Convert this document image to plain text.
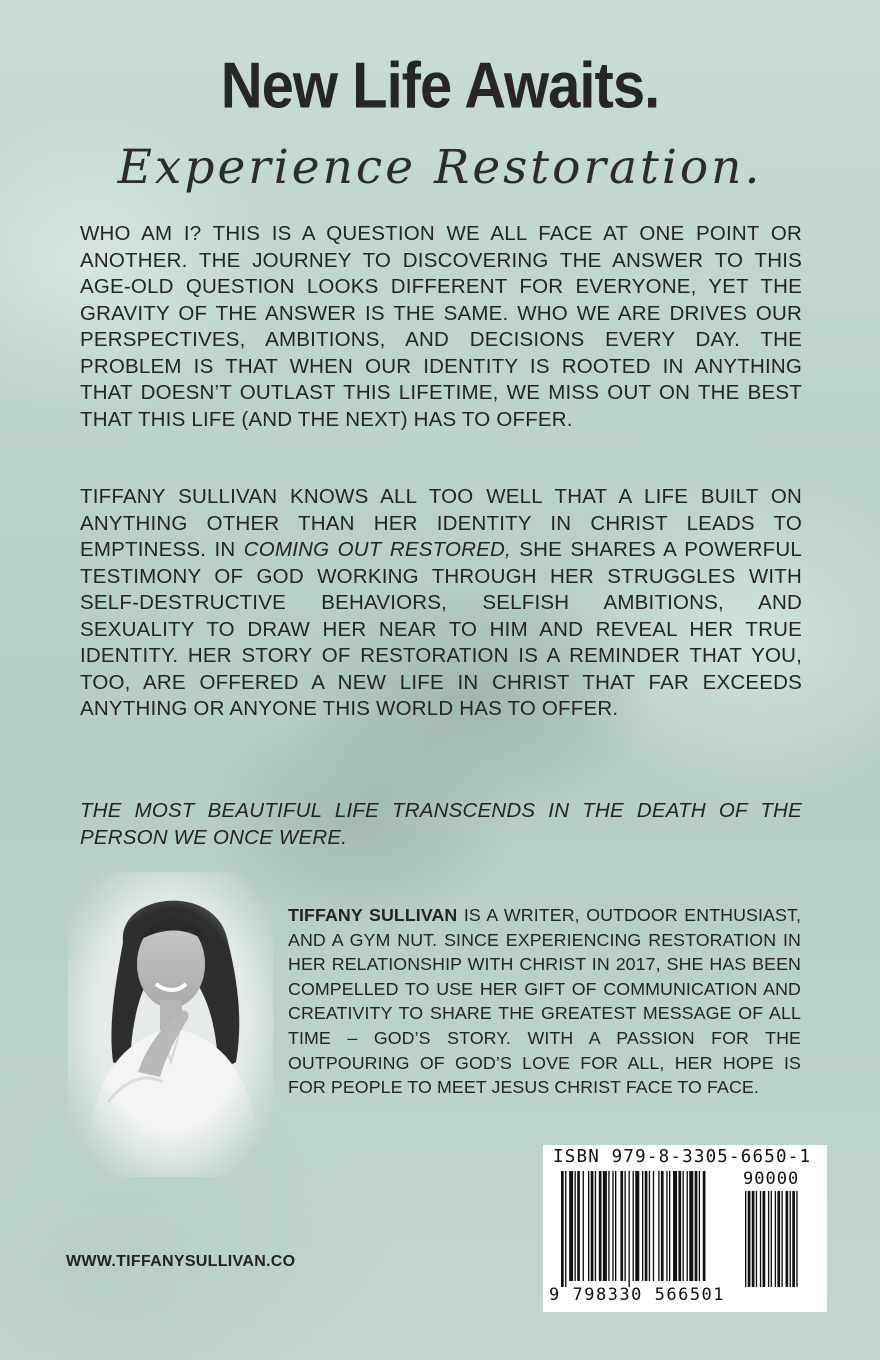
New Life Awaits.
Experience Restoration.

WHO AM I? THIS IS A QUESTION WE ALL FACE AT ONE POINT OR ANOTHER. THE JOURNEY TO DISCOVERING THE ANSWER TO THIS AGE-OLD QUESTION LOOKS DIFFERENT FOR EVERYONE, YET THE GRAVITY OF THE ANSWER IS THE SAME. WHO WE ARE DRIVES OUR PERSPECTIVES, AMBITIONS, AND DECISIONS EVERY DAY. THE PROBLEM IS THAT WHEN OUR IDENTITY IS ROOTED IN ANYTHING THAT DOESN’T OUTLAST THIS LIFETIME, WE MISS OUT ON THE BEST THAT THIS LIFE (AND THE NEXT) HAS TO OFFER.

TIFFANY SULLIVAN KNOWS ALL TOO WELL THAT A LIFE BUILT ON ANYTHING OTHER THAN HER IDENTITY IN CHRIST LEADS TO EMPTINESS. IN COMING OUT RESTORED, SHE SHARES A POWERFUL TESTIMONY OF GOD WORKING THROUGH HER STRUGGLES WITH SELF-DESTRUCTIVE BEHAVIORS, SELFISH AMBITIONS, AND SEXUALITY TO DRAW HER NEAR TO HIM AND REVEAL HER TRUE IDENTITY. HER STORY OF RESTORATION IS A REMINDER THAT YOU, TOO, ARE OFFERED A NEW LIFE IN CHRIST THAT FAR EXCEEDS ANYTHING OR ANYONE THIS WORLD HAS TO OFFER.

THE MOST BEAUTIFUL LIFE TRANSCENDS IN THE DEATH OF THE PERSON WE ONCE WERE.

TIFFANY SULLIVAN IS A WRITER, OUTDOOR ENTHUSIAST, AND A GYM NUT. SINCE EXPERIENCING RESTORATION IN HER RELATIONSHIP WITH CHRIST IN 2017, SHE HAS BEEN COMPELLED TO USE HER GIFT OF COMMUNICATION AND CREATIVITY TO SHARE THE GREATEST MESSAGE OF ALL TIME – GOD’S STORY. WITH A PASSION FOR THE OUTPOURING OF GOD’S LOVE FOR ALL, HER HOPE IS FOR PEOPLE TO MEET JESUS CHRIST FACE TO FACE.

WWW.TIFFANYSULLIVAN.CO
ISBN 979-8-3305-6650-1
90000
9 798330 566501
